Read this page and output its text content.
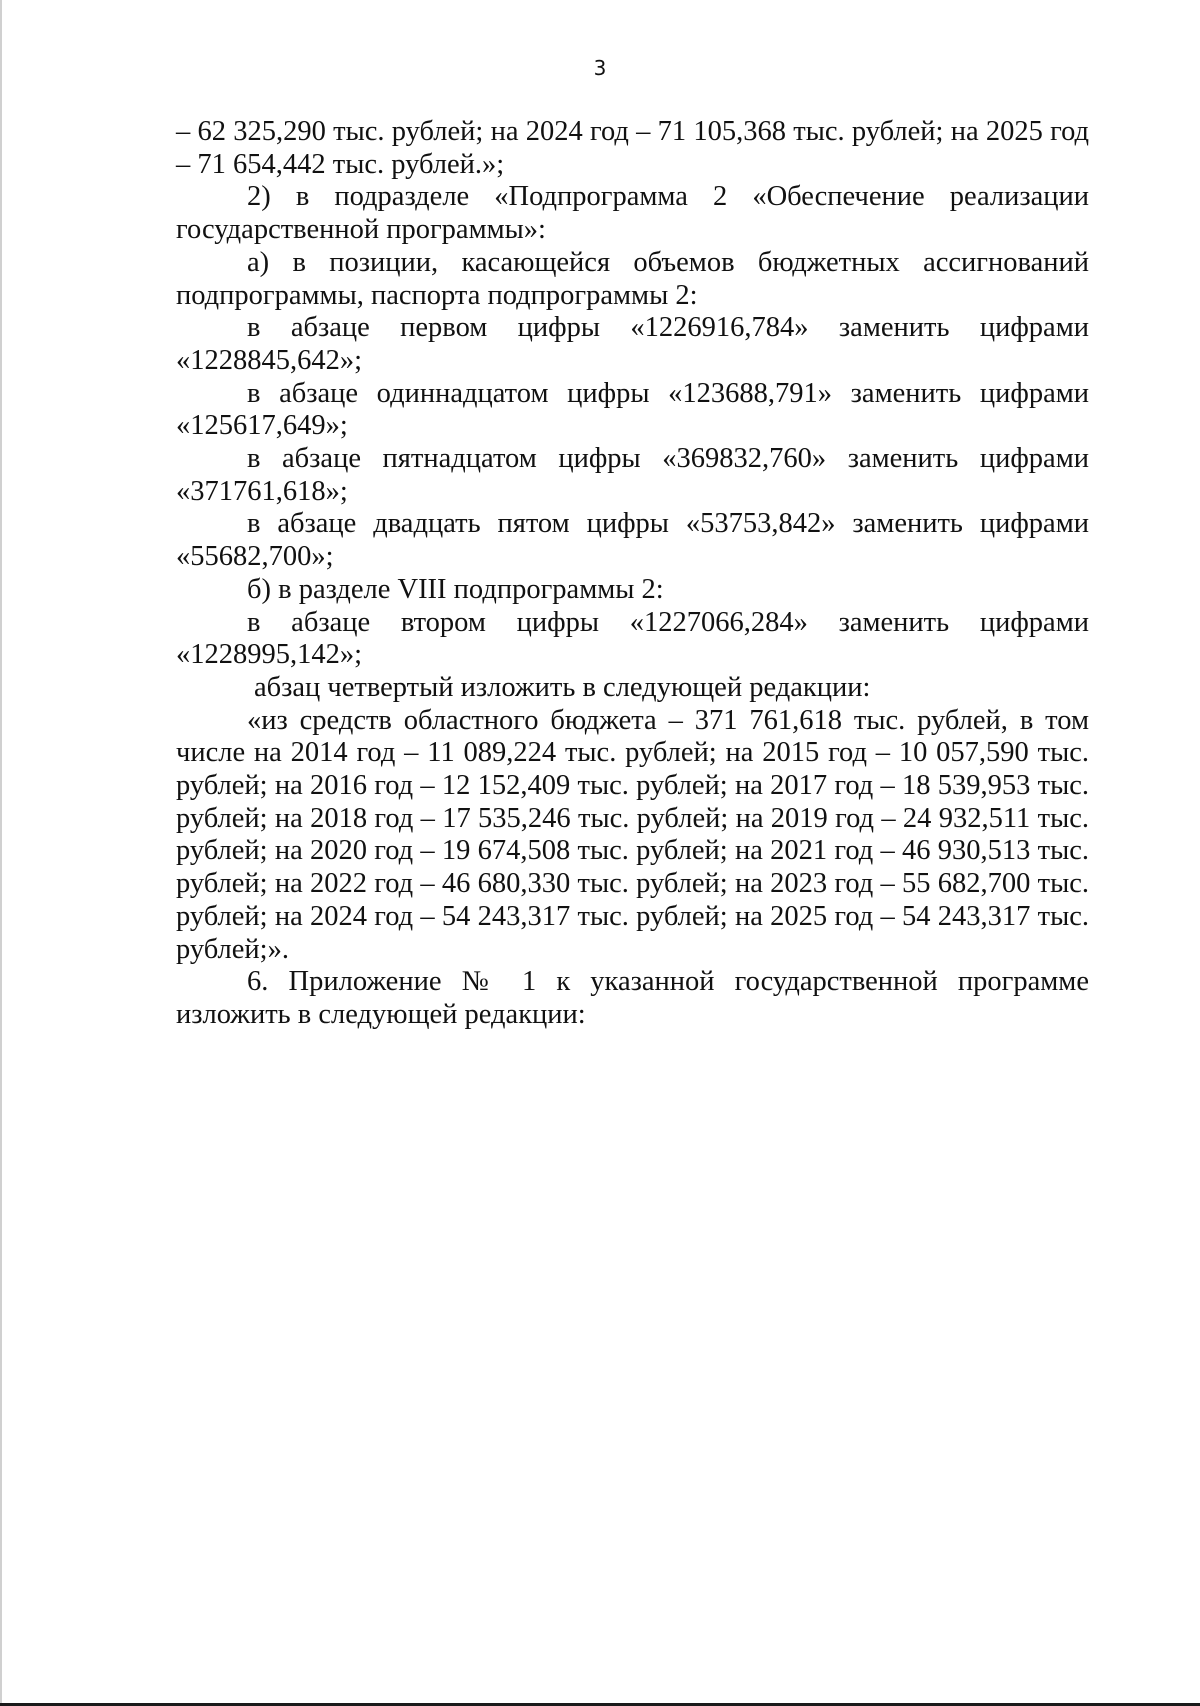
3

– 62 325,290 тыс. рублей; на 2024 год – 71 105,368 тыс. рублей; на 2025 год – 71 654,442 тыс. рублей.»;

2) в подразделе «Подпрограмма 2 «Обеспечение реализации государственной программы»:

а) в позиции, касающейся объемов бюджетных ассигнований подпрограммы, паспорта подпрограммы 2:

в абзаце первом цифры «1226916,784» заменить цифрами «1228845,642»;

в абзаце одиннадцатом цифры «123688,791» заменить цифрами «125617,649»;

в абзаце пятнадцатом цифры «369832,760» заменить цифрами «371761,618»;

в абзаце двадцать пятом цифры «53753,842» заменить цифрами «55682,700»;

б) в разделе VIII подпрограммы 2:

в абзаце втором цифры «1227066,284» заменить цифрами «1228995,142»;

абзац четвертый изложить в следующей редакции:

«из средств областного бюджета – 371 761,618 тыс. рублей, в том числе на 2014 год – 11 089,224 тыс. рублей; на 2015 год – 10 057,590 тыс. рублей; на 2016 год – 12 152,409 тыс. рублей; на 2017 год – 18 539,953 тыс. рублей; на 2018 год – 17 535,246 тыс. рублей; на 2019 год – 24 932,511 тыс. рублей; на 2020 год – 19 674,508 тыс. рублей; на 2021 год – 46 930,513 тыс. рублей; на 2022 год – 46 680,330 тыс. рублей; на 2023 год – 55 682,700 тыс. рублей; на 2024 год – 54 243,317 тыс. рублей; на 2025 год – 54 243,317 тыс. рублей;».

6. Приложение № 1 к указанной государственной программе изложить в следующей редакции:
